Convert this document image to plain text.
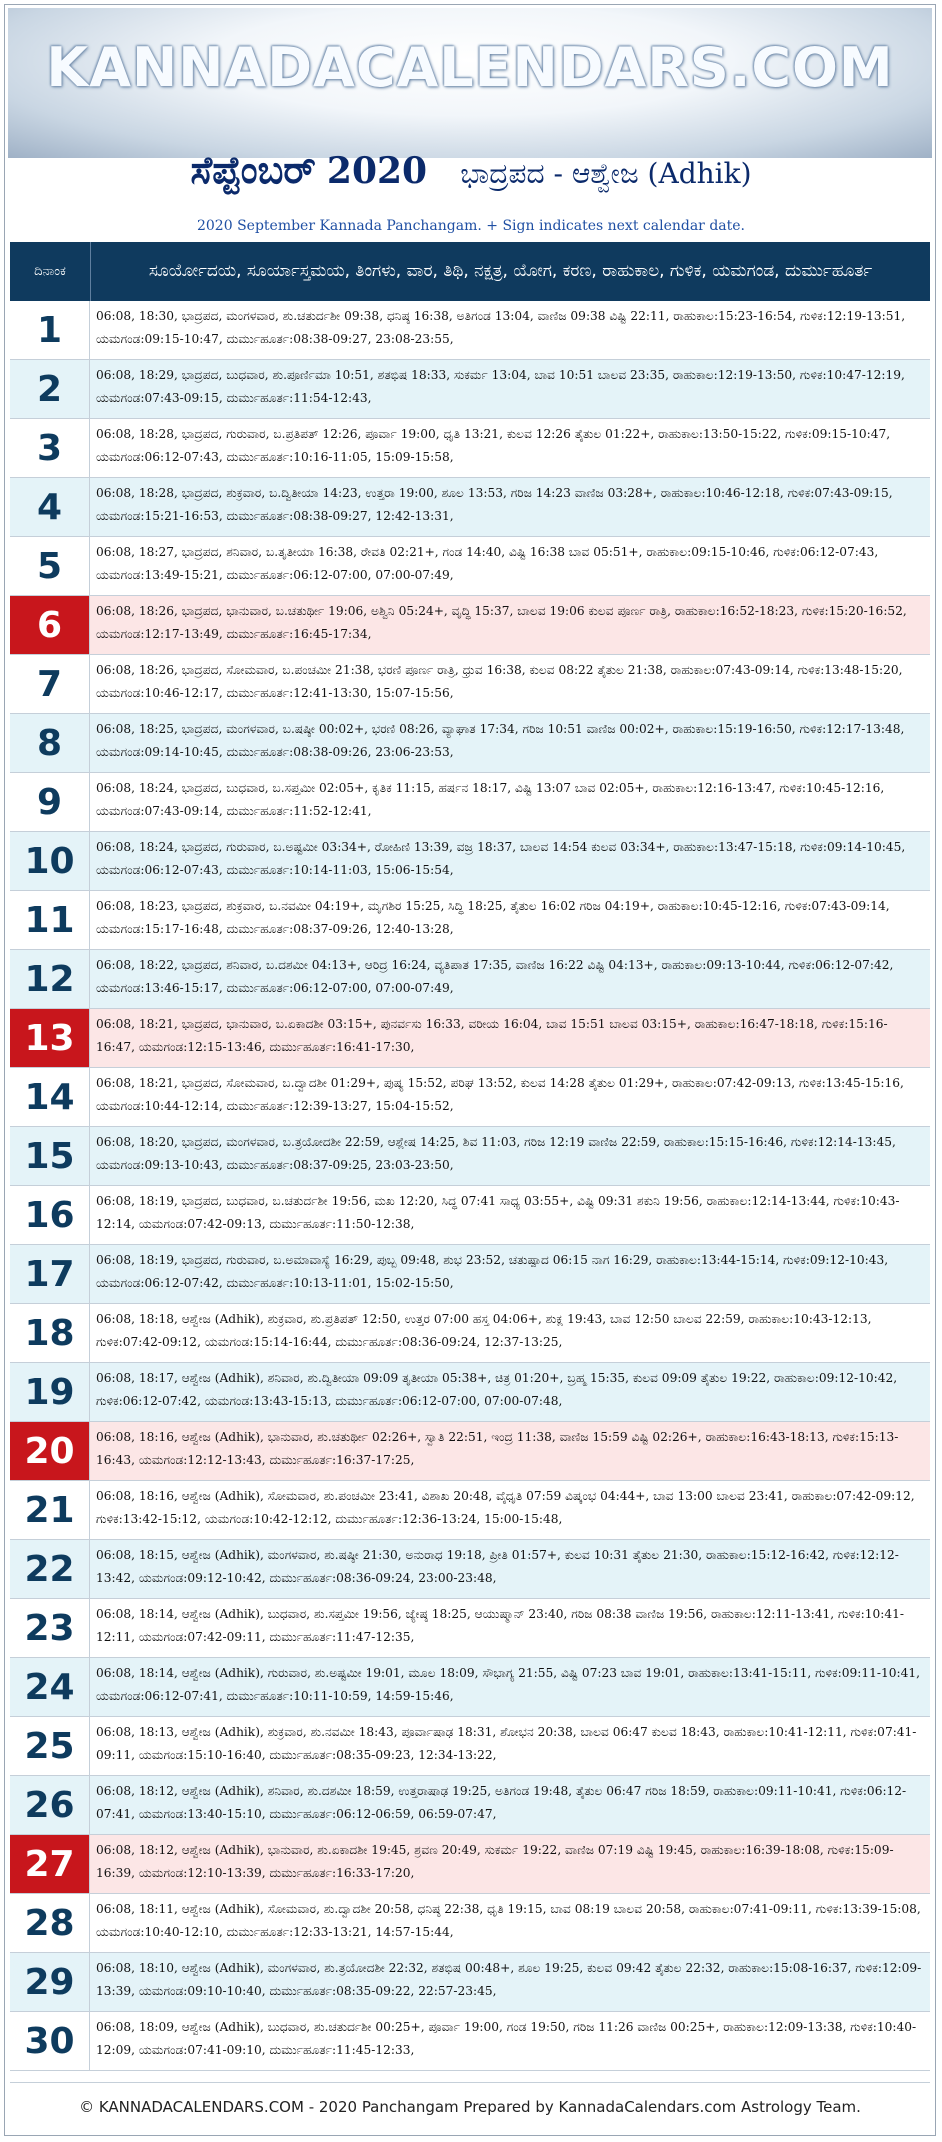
KANNADACALENDARS.COM
ಸೆಪ್ಟೆಂಬರ್ 2020 ಭಾದ್ರಪದ - ಆಶ್ವೇಜ (Adhik)
2020 September Kannada Panchangam. + Sign indicates next calendar date.
ದಿನಾಂಕ	ಸೂರ್ಯೋದಯ, ಸೂರ್ಯಾಸ್ತಮಯ, ತಿಂಗಳು, ವಾರ, ತಿಥಿ, ನಕ್ಷತ್ರ, ಯೋಗ, ಕರಣ, ರಾಹುಕಾಲ, ಗುಳಿಕ, ಯಮಗಂಡ, ದುರ್ಮುಹೂರ್ತ
1	06:08, 18:30, ಭಾದ್ರಪದ, ಮಂಗಳವಾರ, ಶು.ಚತುರ್ದಶೀ 09:38, ಧನಿಷ್ಠ 16:38, ಅತಿಗಂಡ 13:04, ವಾಣಿಜ 09:38 ವಿಷ್ಟಿ 22:11, ರಾಹುಕಾಲ:15:23-16:54, ಗುಳಿಕ:12:19-13:51, ಯಮಗಂಡ:09:15-10:47, ದುರ್ಮುಹೂರ್ತ:08:38-09:27, 23:08-23:55,
2	06:08, 18:29, ಭಾದ್ರಪದ, ಬುಧವಾರ, ಶು.ಪೂರ್ಣಿಮಾ 10:51, ಶತಭಿಷ 18:33, ಸುಕರ್ಮ 13:04, ಬಾವ 10:51 ಬಾಲವ 23:35, ರಾಹುಕಾಲ:12:19-13:50, ಗುಳಿಕ:10:47-12:19, ಯಮಗಂಡ:07:43-09:15, ದುರ್ಮುಹೂರ್ತ:11:54-12:43,
3	06:08, 18:28, ಭಾದ್ರಪದ, ಗುರುವಾರ, ಬ.ಪ್ರತಿಪತ್ 12:26, ಪೂರ್ವಾ 19:00, ಧೃತಿ 13:21, ಕುಲವ 12:26 ತೈತುಲ 01:22+, ರಾಹುಕಾಲ:13:50-15:22, ಗುಳಿಕ:09:15-10:47, ಯಮಗಂಡ:06:12-07:43, ದುರ್ಮುಹೂರ್ತ:10:16-11:05, 15:09-15:58,
4	06:08, 18:28, ಭಾದ್ರಪದ, ಶುಕ್ರವಾರ, ಬ.ದ್ವಿತೀಯಾ 14:23, ಉತ್ತರಾ 19:00, ಶೂಲ 13:53, ಗರಿಜ 14:23 ವಾಣಿಜ 03:28+, ರಾಹುಕಾಲ:10:46-12:18, ಗುಳಿಕ:07:43-09:15, ಯಮಗಂಡ:15:21-16:53, ದುರ್ಮುಹೂರ್ತ:08:38-09:27, 12:42-13:31,
5	06:08, 18:27, ಭಾದ್ರಪದ, ಶನಿವಾರ, ಬ.ತೃತೀಯಾ 16:38, ರೇವತಿ 02:21+, ಗಂಡ 14:40, ವಿಷ್ಟಿ 16:38 ಬಾವ 05:51+, ರಾಹುಕಾಲ:09:15-10:46, ಗುಳಿಕ:06:12-07:43, ಯಮಗಂಡ:13:49-15:21, ದುರ್ಮುಹೂರ್ತ:06:12-07:00, 07:00-07:49,
6	06:08, 18:26, ಭಾದ್ರಪದ, ಭಾನುವಾರ, ಬ.ಚತುರ್ಥೀ 19:06, ಅಶ್ವಿನಿ 05:24+, ವೃದ್ಧಿ 15:37, ಬಾಲವ 19:06 ಕುಲವ ಪೂರ್ಣ ರಾತ್ರಿ, ರಾಹುಕಾಲ:16:52-18:23, ಗುಳಿಕ:15:20-16:52, ಯಮಗಂಡ:12:17-13:49, ದುರ್ಮುಹೂರ್ತ:16:45-17:34,
7	06:08, 18:26, ಭಾದ್ರಪದ, ಸೋಮವಾರ, ಬ.ಪಂಚಮೀ 21:38, ಭರಣಿ ಪೂರ್ಣ ರಾತ್ರಿ, ಧ್ರುವ 16:38, ಕುಲವ 08:22 ತೈತುಲ 21:38, ರಾಹುಕಾಲ:07:43-09:14, ಗುಳಿಕ:13:48-15:20, ಯಮಗಂಡ:10:46-12:17, ದುರ್ಮುಹೂರ್ತ:12:41-13:30, 15:07-15:56,
8	06:08, 18:25, ಭಾದ್ರಪದ, ಮಂಗಳವಾರ, ಬ.ಷಷ್ಠೀ 00:02+, ಭರಣಿ 08:26, ವ್ಯಾಘಾತ 17:34, ಗರಿಜ 10:51 ವಾಣಿಜ 00:02+, ರಾಹುಕಾಲ:15:19-16:50, ಗುಳಿಕ:12:17-13:48, ಯಮಗಂಡ:09:14-10:45, ದುರ್ಮುಹೂರ್ತ:08:38-09:26, 23:06-23:53,
9	06:08, 18:24, ಭಾದ್ರಪದ, ಬುಧವಾರ, ಬ.ಸಪ್ತಮೀ 02:05+, ಕೃತಿಕ 11:15, ಹರ್ಷನ 18:17, ವಿಷ್ಟಿ 13:07 ಬಾವ 02:05+, ರಾಹುಕಾಲ:12:16-13:47, ಗುಳಿಕ:10:45-12:16, ಯಮಗಂಡ:07:43-09:14, ದುರ್ಮುಹೂರ್ತ:11:52-12:41,
10	06:08, 18:24, ಭಾದ್ರಪದ, ಗುರುವಾರ, ಬ.ಅಷ್ಟಮೀ 03:34+, ರೋಹಿಣಿ 13:39, ವಜ್ರ 18:37, ಬಾಲವ 14:54 ಕುಲವ 03:34+, ರಾಹುಕಾಲ:13:47-15:18, ಗುಳಿಕ:09:14-10:45, ಯಮಗಂಡ:06:12-07:43, ದುರ್ಮುಹೂರ್ತ:10:14-11:03, 15:06-15:54,
11	06:08, 18:23, ಭಾದ್ರಪದ, ಶುಕ್ರವಾರ, ಬ.ನವಮೀ 04:19+, ಮೃಗಶಿರ 15:25, ಸಿದ್ಧಿ 18:25, ತೈತುಲ 16:02 ಗರಿಜ 04:19+, ರಾಹುಕಾಲ:10:45-12:16, ಗುಳಿಕ:07:43-09:14, ಯಮಗಂಡ:15:17-16:48, ದುರ್ಮುಹೂರ್ತ:08:37-09:26, 12:40-13:28,
12	06:08, 18:22, ಭಾದ್ರಪದ, ಶನಿವಾರ, ಬ.ದಶಮೀ 04:13+, ಆರಿದ್ರ 16:24, ವ್ಯತಿಪಾತ 17:35, ವಾಣಿಜ 16:22 ವಿಷ್ಟಿ 04:13+, ರಾಹುಕಾಲ:09:13-10:44, ಗುಳಿಕ:06:12-07:42, ಯಮಗಂಡ:13:46-15:17, ದುರ್ಮುಹೂರ್ತ:06:12-07:00, 07:00-07:49,
13	06:08, 18:21, ಭಾದ್ರಪದ, ಭಾನುವಾರ, ಬ.ಏಕಾದಶೀ 03:15+, ಪುನರ್ವಸು 16:33, ವರೀಯ 16:04, ಬಾವ 15:51 ಬಾಲವ 03:15+, ರಾಹುಕಾಲ:16:47-18:18, ಗುಳಿಕ:15:16-16:47, ಯಮಗಂಡ:12:15-13:46, ದುರ್ಮುಹೂರ್ತ:16:41-17:30,
14	06:08, 18:21, ಭಾದ್ರಪದ, ಸೋಮವಾರ, ಬ.ದ್ವಾದಶೀ 01:29+, ಪುಷ್ಯ 15:52, ಪರಿಘ 13:52, ಕುಲವ 14:28 ತೈತುಲ 01:29+, ರಾಹುಕಾಲ:07:42-09:13, ಗುಳಿಕ:13:45-15:16, ಯಮಗಂಡ:10:44-12:14, ದುರ್ಮುಹೂರ್ತ:12:39-13:27, 15:04-15:52,
15	06:08, 18:20, ಭಾದ್ರಪದ, ಮಂಗಳವಾರ, ಬ.ತ್ರಯೋದಶೀ 22:59, ಆಶ್ಲೇಷ 14:25, ಶಿವ 11:03, ಗರಿಜ 12:19 ವಾಣಿಜ 22:59, ರಾಹುಕಾಲ:15:15-16:46, ಗುಳಿಕ:12:14-13:45, ಯಮಗಂಡ:09:13-10:43, ದುರ್ಮುಹೂರ್ತ:08:37-09:25, 23:03-23:50,
16	06:08, 18:19, ಭಾದ್ರಪದ, ಬುಧವಾರ, ಬ.ಚತುರ್ದಶೀ 19:56, ಮಖ 12:20, ಸಿದ್ಧ 07:41 ಸಾಧ್ಯ 03:55+, ವಿಷ್ಟಿ 09:31 ಶಕುನಿ 19:56, ರಾಹುಕಾಲ:12:14-13:44, ಗುಳಿಕ:10:43-12:14, ಯಮಗಂಡ:07:42-09:13, ದುರ್ಮುಹೂರ್ತ:11:50-12:38,
17	06:08, 18:19, ಭಾದ್ರಪದ, ಗುರುವಾರ, ಬ.ಅಮಾವಾಸ್ಯೆ 16:29, ಪುಬ್ಬ 09:48, ಶುಭ 23:52, ಚತುಷ್ಪಾದ 06:15 ನಾಗ 16:29, ರಾಹುಕಾಲ:13:44-15:14, ಗುಳಿಕ:09:12-10:43, ಯಮಗಂಡ:06:12-07:42, ದುರ್ಮುಹೂರ್ತ:10:13-11:01, 15:02-15:50,
18	06:08, 18:18, ಆಶ್ವೇಜ (Adhik), ಶುಕ್ರವಾರ, ಶು.ಪ್ರತಿಪತ್ 12:50, ಉತ್ತರ 07:00 ಹಸ್ತ 04:06+, ಶುಕ್ಲ 19:43, ಬಾವ 12:50 ಬಾಲವ 22:59, ರಾಹುಕಾಲ:10:43-12:13, ಗುಳಿಕ:07:42-09:12, ಯಮಗಂಡ:15:14-16:44, ದುರ್ಮುಹೂರ್ತ:08:36-09:24, 12:37-13:25,
19	06:08, 18:17, ಆಶ್ವೇಜ (Adhik), ಶನಿವಾರ, ಶು.ದ್ವಿತೀಯಾ 09:09 ತೃತೀಯಾ 05:38+, ಚಿತ್ರ 01:20+, ಬ್ರಹ್ಮ 15:35, ಕುಲವ 09:09 ತೈತುಲ 19:22, ರಾಹುಕಾಲ:09:12-10:42, ಗುಳಿಕ:06:12-07:42, ಯಮಗಂಡ:13:43-15:13, ದುರ್ಮುಹೂರ್ತ:06:12-07:00, 07:00-07:48,
20	06:08, 18:16, ಆಶ್ವೇಜ (Adhik), ಭಾನುವಾರ, ಶು.ಚತುರ್ಥೀ 02:26+, ಸ್ವಾತಿ 22:51, ಇಂದ್ರ 11:38, ವಾಣಿಜ 15:59 ವಿಷ್ಟಿ 02:26+, ರಾಹುಕಾಲ:16:43-18:13, ಗುಳಿಕ:15:13-16:43, ಯಮಗಂಡ:12:12-13:43, ದುರ್ಮುಹೂರ್ತ:16:37-17:25,
21	06:08, 18:16, ಆಶ್ವೇಜ (Adhik), ಸೋಮವಾರ, ಶು.ಪಂಚಮೀ 23:41, ವಿಶಾಖ 20:48, ವೈಧೃತಿ 07:59 ವಿಷ್ಕಂಭ 04:44+, ಬಾವ 13:00 ಬಾಲವ 23:41, ರಾಹುಕಾಲ:07:42-09:12, ಗುಳಿಕ:13:42-15:12, ಯಮಗಂಡ:10:42-12:12, ದುರ್ಮುಹೂರ್ತ:12:36-13:24, 15:00-15:48,
22	06:08, 18:15, ಆಶ್ವೇಜ (Adhik), ಮಂಗಳವಾರ, ಶು.ಷಷ್ಠೀ 21:30, ಅನುರಾಧ 19:18, ಪ್ರೀತಿ 01:57+, ಕುಲವ 10:31 ತೈತುಲ 21:30, ರಾಹುಕಾಲ:15:12-16:42, ಗುಳಿಕ:12:12-13:42, ಯಮಗಂಡ:09:12-10:42, ದುರ್ಮುಹೂರ್ತ:08:36-09:24, 23:00-23:48,
23	06:08, 18:14, ಆಶ್ವೇಜ (Adhik), ಬುಧವಾರ, ಶು.ಸಪ್ತಮೀ 19:56, ಜ್ಯೇಷ್ಠ 18:25, ಆಯುಷ್ಮಾನ್ 23:40, ಗರಿಜ 08:38 ವಾಣಿಜ 19:56, ರಾಹುಕಾಲ:12:11-13:41, ಗುಳಿಕ:10:41-12:11, ಯಮಗಂಡ:07:42-09:11, ದುರ್ಮುಹೂರ್ತ:11:47-12:35,
24	06:08, 18:14, ಆಶ್ವೇಜ (Adhik), ಗುರುವಾರ, ಶು.ಅಷ್ಟಮೀ 19:01, ಮೂಲ 18:09, ಸೌಭಾಗ್ಯ 21:55, ವಿಷ್ಟಿ 07:23 ಬಾವ 19:01, ರಾಹುಕಾಲ:13:41-15:11, ಗುಳಿಕ:09:11-10:41, ಯಮಗಂಡ:06:12-07:41, ದುರ್ಮುಹೂರ್ತ:10:11-10:59, 14:59-15:46,
25	06:08, 18:13, ಆಶ್ವೇಜ (Adhik), ಶುಕ್ರವಾರ, ಶು.ನವಮೀ 18:43, ಪೂರ್ವಾಷಾಢ 18:31, ಶೋಭನ 20:38, ಬಾಲವ 06:47 ಕುಲವ 18:43, ರಾಹುಕಾಲ:10:41-12:11, ಗುಳಿಕ:07:41-09:11, ಯಮಗಂಡ:15:10-16:40, ದುರ್ಮುಹೂರ್ತ:08:35-09:23, 12:34-13:22,
26	06:08, 18:12, ಆಶ್ವೇಜ (Adhik), ಶನಿವಾರ, ಶು.ದಶಮೀ 18:59, ಉತ್ತರಾಷಾಢ 19:25, ಅತಿಗಂಡ 19:48, ತೈತುಲ 06:47 ಗರಿಜ 18:59, ರಾಹುಕಾಲ:09:11-10:41, ಗುಳಿಕ:06:12-07:41, ಯಮಗಂಡ:13:40-15:10, ದುರ್ಮುಹೂರ್ತ:06:12-06:59, 06:59-07:47,
27	06:08, 18:12, ಆಶ್ವೇಜ (Adhik), ಭಾನುವಾರ, ಶು.ಏಕಾದಶೀ 19:45, ಶ್ರವಣ 20:49, ಸುಕರ್ಮ 19:22, ವಾಣಿಜ 07:19 ವಿಷ್ಟಿ 19:45, ರಾಹುಕಾಲ:16:39-18:08, ಗುಳಿಕ:15:09-16:39, ಯಮಗಂಡ:12:10-13:39, ದುರ್ಮುಹೂರ್ತ:16:33-17:20,
28	06:08, 18:11, ಆಶ್ವೇಜ (Adhik), ಸೋಮವಾರ, ಶು.ದ್ವಾದಶೀ 20:58, ಧನಿಷ್ಠ 22:38, ಧೃತಿ 19:15, ಬಾವ 08:19 ಬಾಲವ 20:58, ರಾಹುಕಾಲ:07:41-09:11, ಗುಳಿಕ:13:39-15:08, ಯಮಗಂಡ:10:40-12:10, ದುರ್ಮುಹೂರ್ತ:12:33-13:21, 14:57-15:44,
29	06:08, 18:10, ಆಶ್ವೇಜ (Adhik), ಮಂಗಳವಾರ, ಶು.ತ್ರಯೋದಶೀ 22:32, ಶತಭಿಷ 00:48+, ಶೂಲ 19:25, ಕುಲವ 09:42 ತೈತುಲ 22:32, ರಾಹುಕಾಲ:15:08-16:37, ಗುಳಿಕ:12:09-13:39, ಯಮಗಂಡ:09:10-10:40, ದುರ್ಮುಹೂರ್ತ:08:35-09:22, 22:57-23:45,
30	06:08, 18:09, ಆಶ್ವೇಜ (Adhik), ಬುಧವಾರ, ಶು.ಚತುರ್ದಶೀ 00:25+, ಪೂರ್ವಾ 19:00, ಗಂಡ 19:50, ಗರಿಜ 11:26 ವಾಣಿಜ 00:25+, ರಾಹುಕಾಲ:12:09-13:38, ಗುಳಿಕ:10:40-12:09, ಯಮಗಂಡ:07:41-09:10, ದುರ್ಮುಹೂರ್ತ:11:45-12:33,
© KANNADACALENDARS.COM - 2020 Panchangam Prepared by KannadaCalendars.com Astrology Team.
